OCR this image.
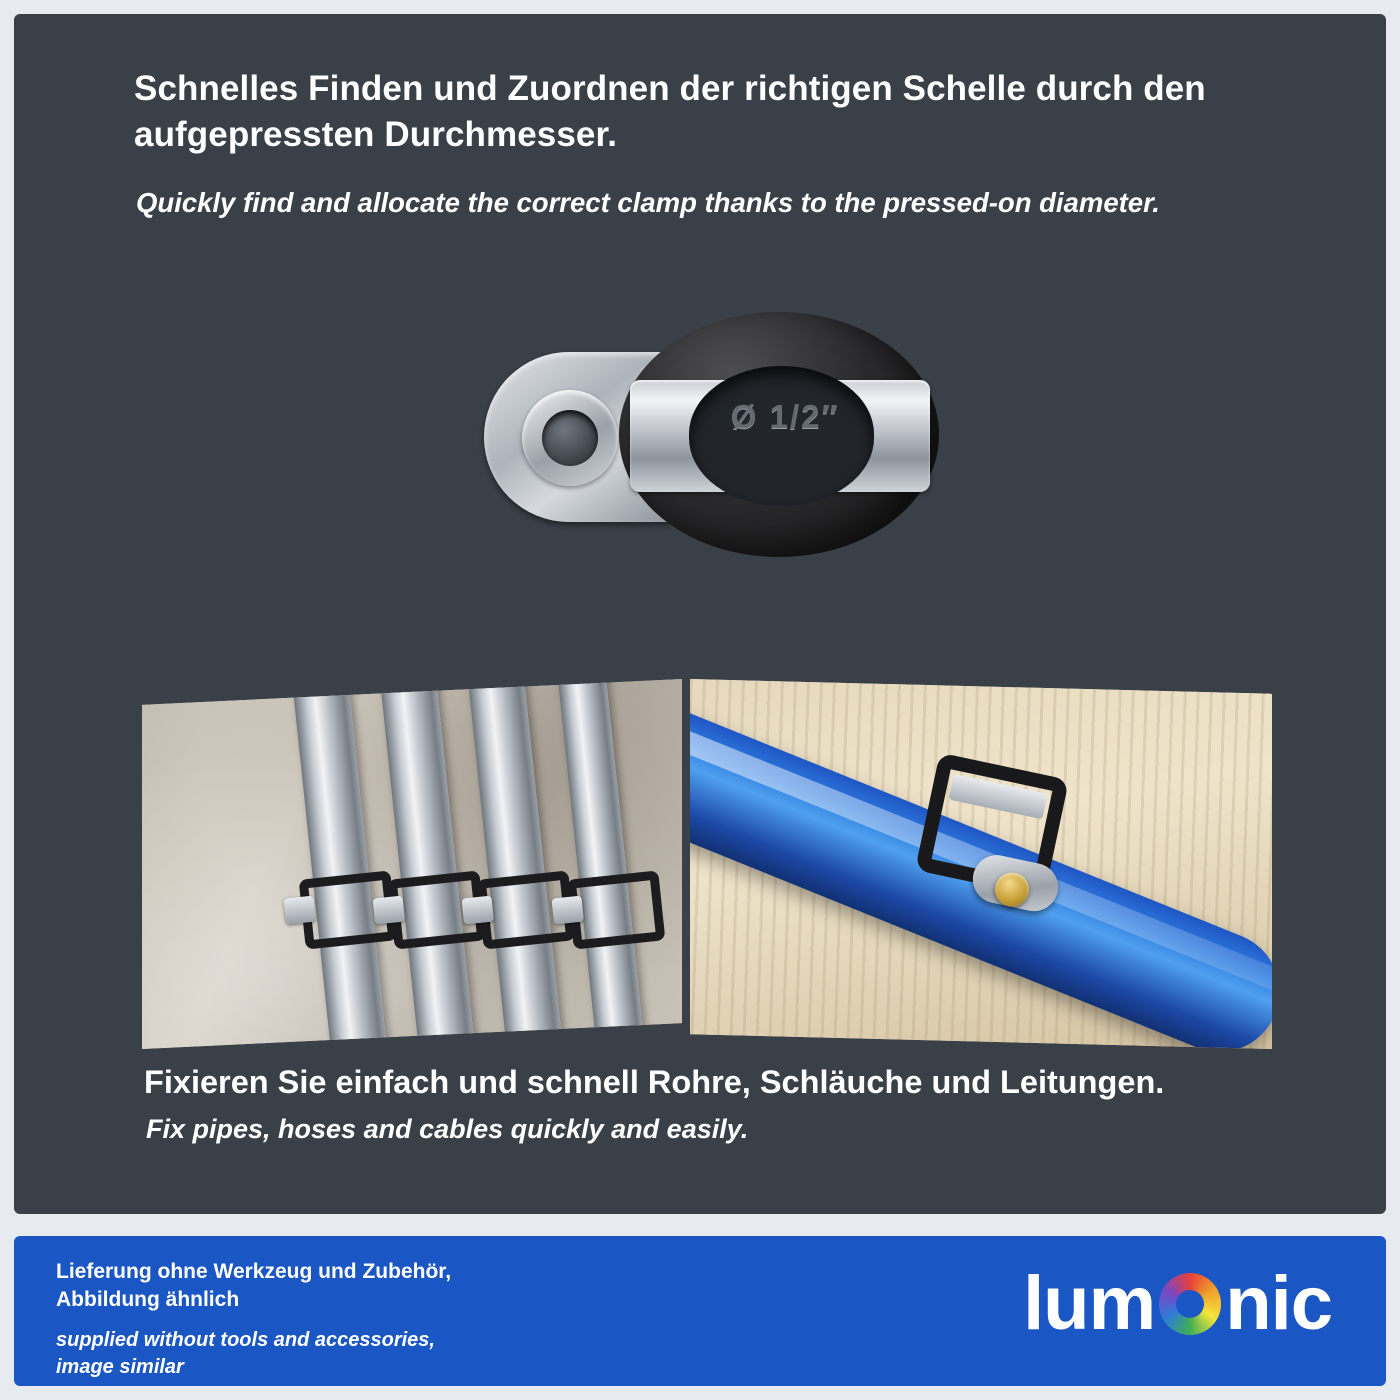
Schnelles Finden und Zuordnen der richtigen Schelle durch den aufgepressten Durchmesser.
Quickly find and allocate the correct clamp thanks to the pressed-on diameter.
Ø 1/2″
Fixieren Sie einfach und schnell Rohre, Schläuche und Leitungen.
Fix pipes, hoses and cables quickly and easily.
Lieferung ohne Werkzeug und Zubehör,
Abbildung ähnlich
supplied without tools and accessories,
image similar
lum nic
